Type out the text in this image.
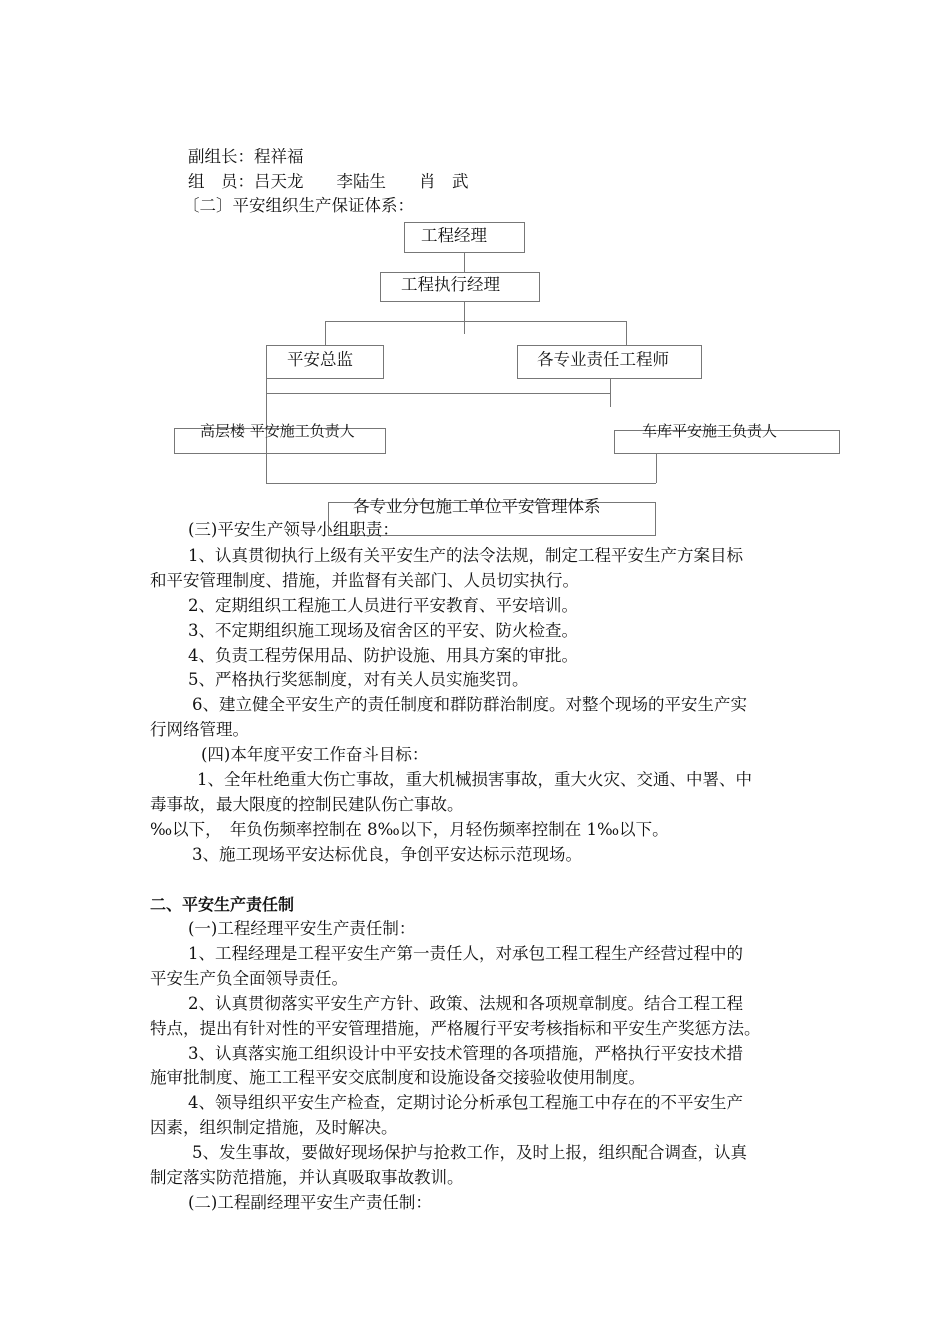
副组长：程祥福
组　员：吕天龙　　李陆生　　肖　武
〔二〕平安组织生产保证体系：
工程经理
工程执行经理
平安总监	各专业责任工程师
高层楼 平安施工负责人	车库平安施工负责人
各专业分包施工单位平安管理体系
(三)平安生产领导小组职责：
1、认真贯彻执行上级有关平安生产的法令法规，制定工程平安生产方案目标
和平安管理制度、措施，并监督有关部门、人员切实执行。
2、定期组织工程施工人员进行平安教育、平安培训。
3、不定期组织施工现场及宿舍区的平安、防火检查。
4、负责工程劳保用品、防护设施、用具方案的审批。
5、严格执行奖惩制度，对有关人员实施奖罚。
6、建立健全平安生产的责任制度和群防群治制度。对整个现场的平安生产实
行网络管理。
(四)本年度平安工作奋斗目标：
1、全年杜绝重大伤亡事故，重大机械损害事故，重大火灾、交通、中署、中
毒事故，最大限度的控制民建队伤亡事故。
‰以下，　年负伤频率控制在 8‰以下，月轻伤频率控制在 1‰以下。
3、施工现场平安达标优良，争创平安达标示范现场。
二、平安生产责任制
(一)工程经理平安生产责任制：
1、工程经理是工程平安生产第一责任人，对承包工程工程生产经营过程中的
平安生产负全面领导责任。
2、认真贯彻落实平安生产方针、政策、法规和各项规章制度。结合工程工程
特点，提出有针对性的平安管理措施，严格履行平安考核指标和平安生产奖惩方法。
3、认真落实施工组织设计中平安技术管理的各项措施，严格执行平安技术措
施审批制度、施工工程平安交底制度和设施设备交接验收使用制度。
4、领导组织平安生产检查，定期讨论分析承包工程施工中存在的不平安生产
因素，组织制定措施，及时解决。
5、发生事故，要做好现场保护与抢救工作，及时上报，组织配合调查，认真
制定落实防范措施，并认真吸取事故教训。
(二)工程副经理平安生产责任制：
